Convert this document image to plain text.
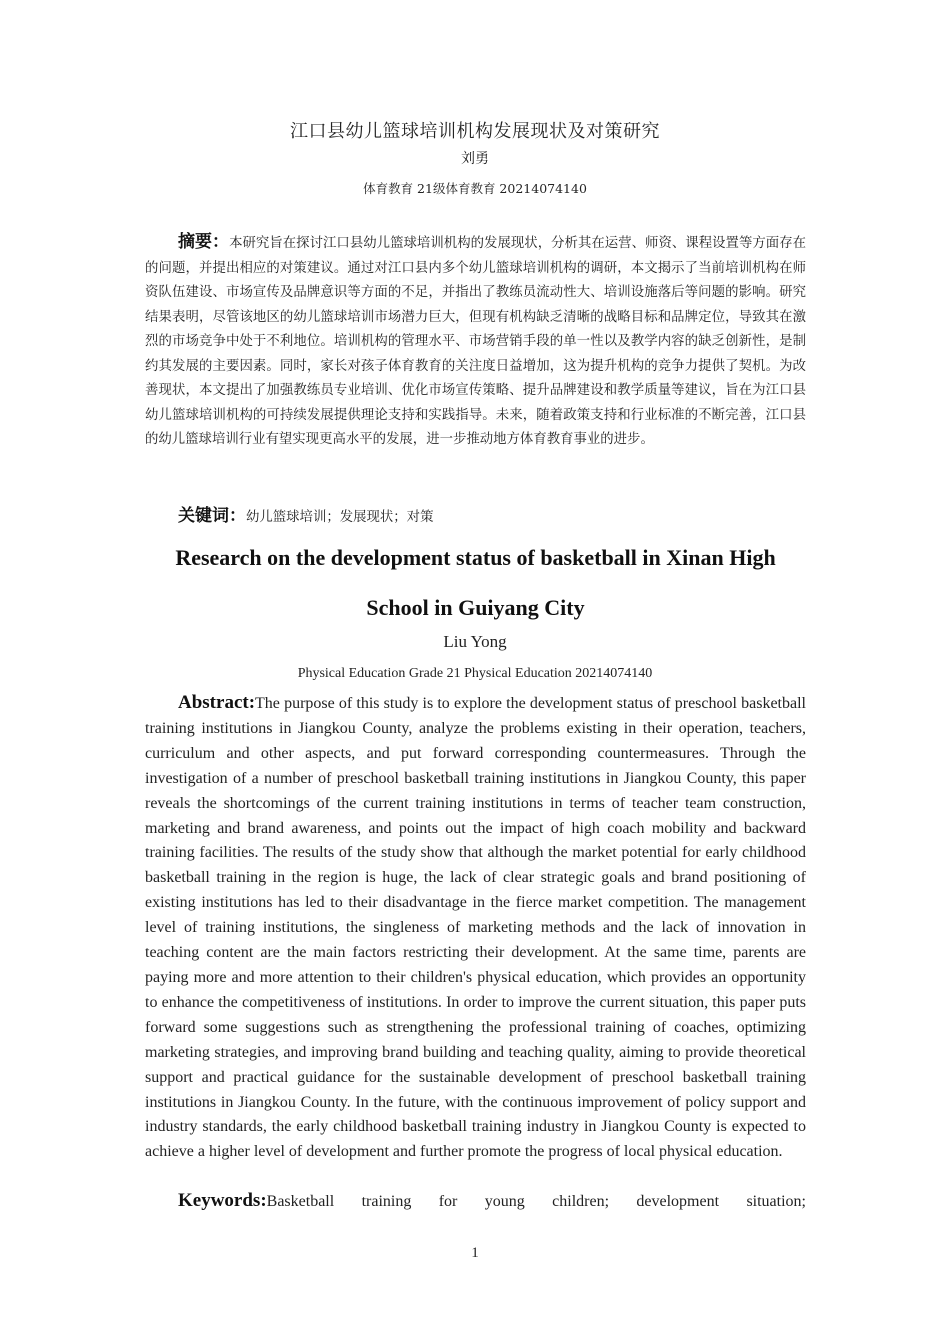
江口县幼儿篮球培训机构发展现状及对策研究
刘勇
体育教育 21级体育教育 20214074140
摘要：本研究旨在探讨江口县幼儿篮球培训机构的发展现状，分析其在运营、师资、课程设置等方面存在的问题，并提出相应的对策建议。通过对江口县内多个幼儿篮球培训机构的调研，本文揭示了当前培训机构在师资队伍建设、市场宣传及品牌意识等方面的不足，并指出了教练员流动性大、培训设施落后等问题的影响。研究结果表明，尽管该地区的幼儿篮球培训市场潜力巨大，但现有机构缺乏清晰的战略目标和品牌定位，导致其在激烈的市场竞争中处于不利地位。培训机构的管理水平、市场营销手段的单一性以及教学内容的缺乏创新性，是制约其发展的主要因素。同时，家长对孩子体育教育的关注度日益增加，这为提升机构的竞争力提供了契机。为改善现状，本文提出了加强教练员专业培训、优化市场宣传策略、提升品牌建设和教学质量等建议，旨在为江口县幼儿篮球培训机构的可持续发展提供理论支持和实践指导。未来，随着政策支持和行业标准的不断完善，江口县的幼儿篮球培训行业有望实现更高水平的发展，进一步推动地方体育教育事业的进步。
关键词：幼儿篮球培训；发展现状；对策
Research on the development status of basketball in Xinan High School in Guiyang City
Liu Yong
Physical Education Grade 21 Physical Education 20214074140

Abstract:The purpose of this study is to explore the development status of preschool basketball training institutions in Jiangkou County, analyze the problems existing in their operation, teachers, curriculum and other aspects, and put forward corresponding countermeasures. Through the investigation of a number of preschool basketball training institutions in Jiangkou County, this paper reveals the shortcomings of the current training institutions in terms of teacher team construction, marketing and brand awareness, and points out the impact of high coach mobility and backward training facilities. The results of the study show that although the market potential for early childhood basketball training in the region is huge, the lack of clear strategic goals and brand positioning of existing institutions has led to their disadvantage in the fierce market competition. The management level of training institutions, the singleness of marketing methods and the lack of innovation in teaching content are the main factors restricting their development. At the same time, parents are paying more and more attention to their children's physical education, which provides an opportunity to enhance the competitiveness of institutions. In order to improve the current situation, this paper puts forward some suggestions such as strengthening the professional training of coaches, optimizing marketing strategies, and improving brand building and teaching quality, aiming to provide theoretical support and practical guidance for the sustainable development of preschool basketball training institutions in Jiangkou County. In the future, with the continuous improvement of policy support and industry standards, the early childhood basketball training industry in Jiangkou County is expected to achieve a higher level of development and further promote the progress of local physical education.

Keywords:Basketball training for young children; development situation;
1
